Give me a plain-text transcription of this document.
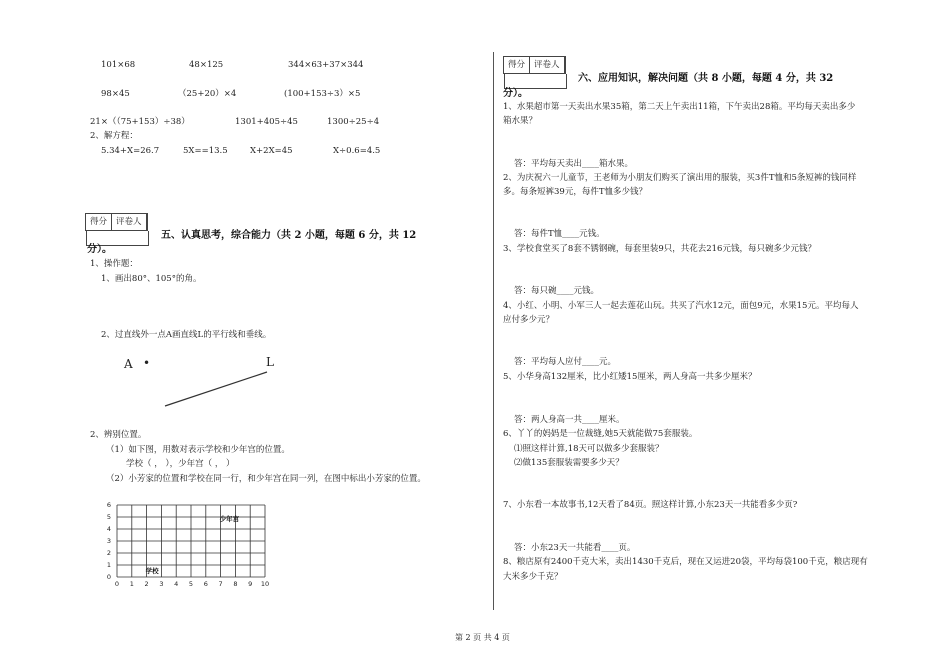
101×68	48×125	344×63+37×344
98×45	（25+20）×4	(100+153÷3）×5
21×（（75+153）÷38）	1301+405÷45	1300÷25÷4
2、解方程：
5.34+X=26.7	5X==13.5	X+2X=45	X÷0.6=4.5
得分	评卷人
五、认真思考，综合能力（共 2 小题，每题 6 分，共 12
分）。
1、操作题：
1、画出80°、105°的角。
2、过直线外一点A画直线L的平行线和垂线。
A •	L
2、辨别位置。
（1）如下图，用数对表示学校和少年宫的位置。
学校（ ， ），少年宫（ ， ）
（2）小芳家的位置和学校在同一行，和少年宫在同一列，在图中标出小芳家的位置。
0 1 2 3 4 5 6 7 8 9 10
0
1
2
3
4
5
6
学校
少年宫
得分	评卷人
六、应用知识，解决问题（共 8 小题，每题 4 分，共 32
分）。
1、水果超市第一天卖出水果35箱，第二天上午卖出11箱，下午卖出28箱。平均每天卖出多少
箱水果？
答：平均每天卖出____箱水果。
2、为庆祝六一儿童节，王老师为小朋友们购买了演出用的服装，买3件T恤和5条短裤的钱同样
多。每条短裤39元，每件T恤多少钱？
答：每件T恤____元钱。
3、学校食堂买了8套不锈钢碗，每套里装9只，共花去216元钱，每只碗多少元钱？
答：每只碗____元钱。
4、小红、小明、小军三人一起去莲花山玩。共买了汽水12元，面包9元，水果15元。平均每人
应付多少元？
答：平均每人应付____元。
5、小华身高132厘米，比小红矮15厘米，两人身高一共多少厘米？
答：两人身高一共____厘米。
6、丫丫的妈妈是一位裁缝,她5天就能做75套服装。
⑴照这样计算,18天可以做多少套服装？
⑵做135套服装需要多少天？
7、小东看一本故事书,12天看了84页。照这样计算,小东23天一共能看多少页?
答：小东23天一共能看____页。
8、粮店原有2400千克大米，卖出1430千克后，现在又运进20袋，平均每袋100千克，粮店现有
大米多少千克？
第 2 页 共 4 页
